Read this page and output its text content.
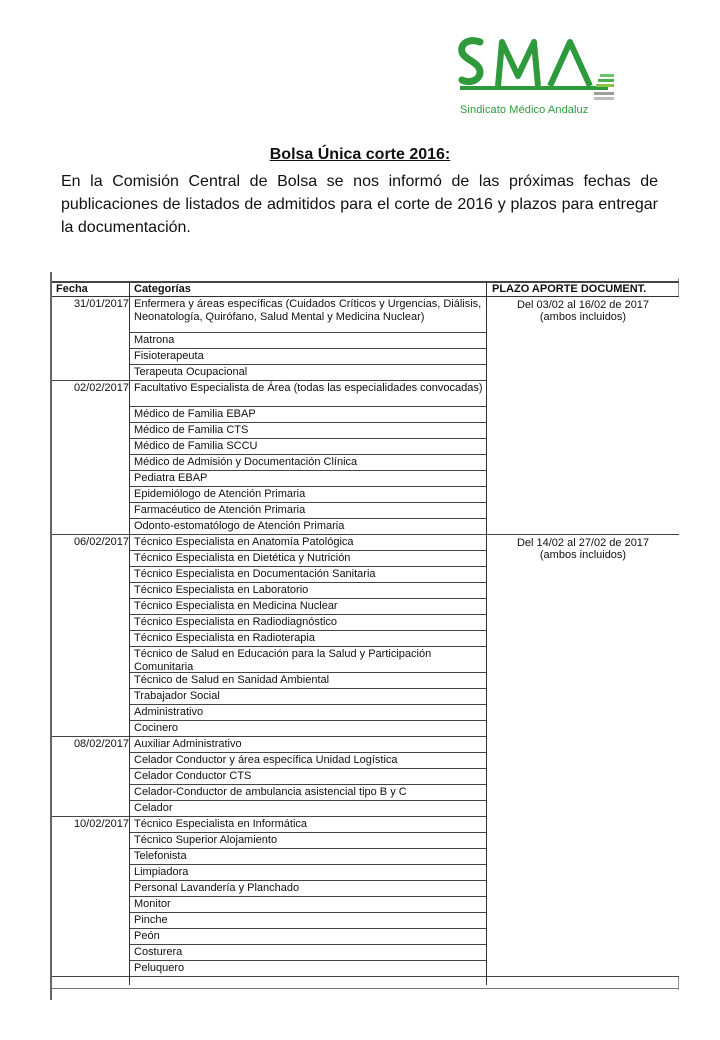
Sindicato Médico Andaluz
Bolsa Única corte 2016:
En la Comisión Central de Bolsa se nos informó de las próximas fechas de publicaciones de listados de admitidos para el corte de 2016 y plazos para entregar la documentación.
Fecha	Categorías	PLAZO APORTE DOCUMENT.
Enfermera y áreas específicas (Cuidados Críticos y Urgencias, Diálisis, Neonatología, Quirófano, Salud Mental y Medicina Nuclear)
31/01/2017
Matrona
Fisioterapeuta
Terapeuta Ocupacional
Facultativo Especialista de Área (todas las especialidades convocadas)
02/02/2017
Médico de Familia EBAP
Médico de Familia CTS
Médico de Familia SCCU
Médico de Admisión y Documentación Clínica
Pediatra EBAP
Epidemiólogo de Atención Primaria
Farmacéutico de Atención Primaria
Odonto-estomatólogo de Atención Primaria
Técnico Especialista en Anatomía Patológica
06/02/2017
Técnico Especialista en Dietética y Nutrición
Técnico Especialista en Documentación Sanitaria
Técnico Especialista en Laboratorio
Técnico Especialista en Medicina Nuclear
Técnico Especialista en Radiodiagnóstico
Técnico Especialista en Radioterapia
Técnico de Salud en Educación para la Salud y Participación Comunitaria
Técnico de Salud en Sanidad Ambiental
Trabajador Social
Administrativo
Cocinero
Auxiliar Administrativo
08/02/2017
Celador Conductor y área específica Unidad Logística
Celador Conductor CTS
Celador-Conductor de ambulancia asistencial tipo B y C
Celador
Técnico Especialista en Informática
10/02/2017
Técnico Superior Alojamiento
Telefonista
Limpiadora
Personal Lavandería y Planchado
Monitor
Pinche
Peón
Costurera
Peluquero
Del 03/02 al 16/02 de 2017
(ambos incluidos)
Del 14/02 al 27/02 de 2017
(ambos incluidos)
